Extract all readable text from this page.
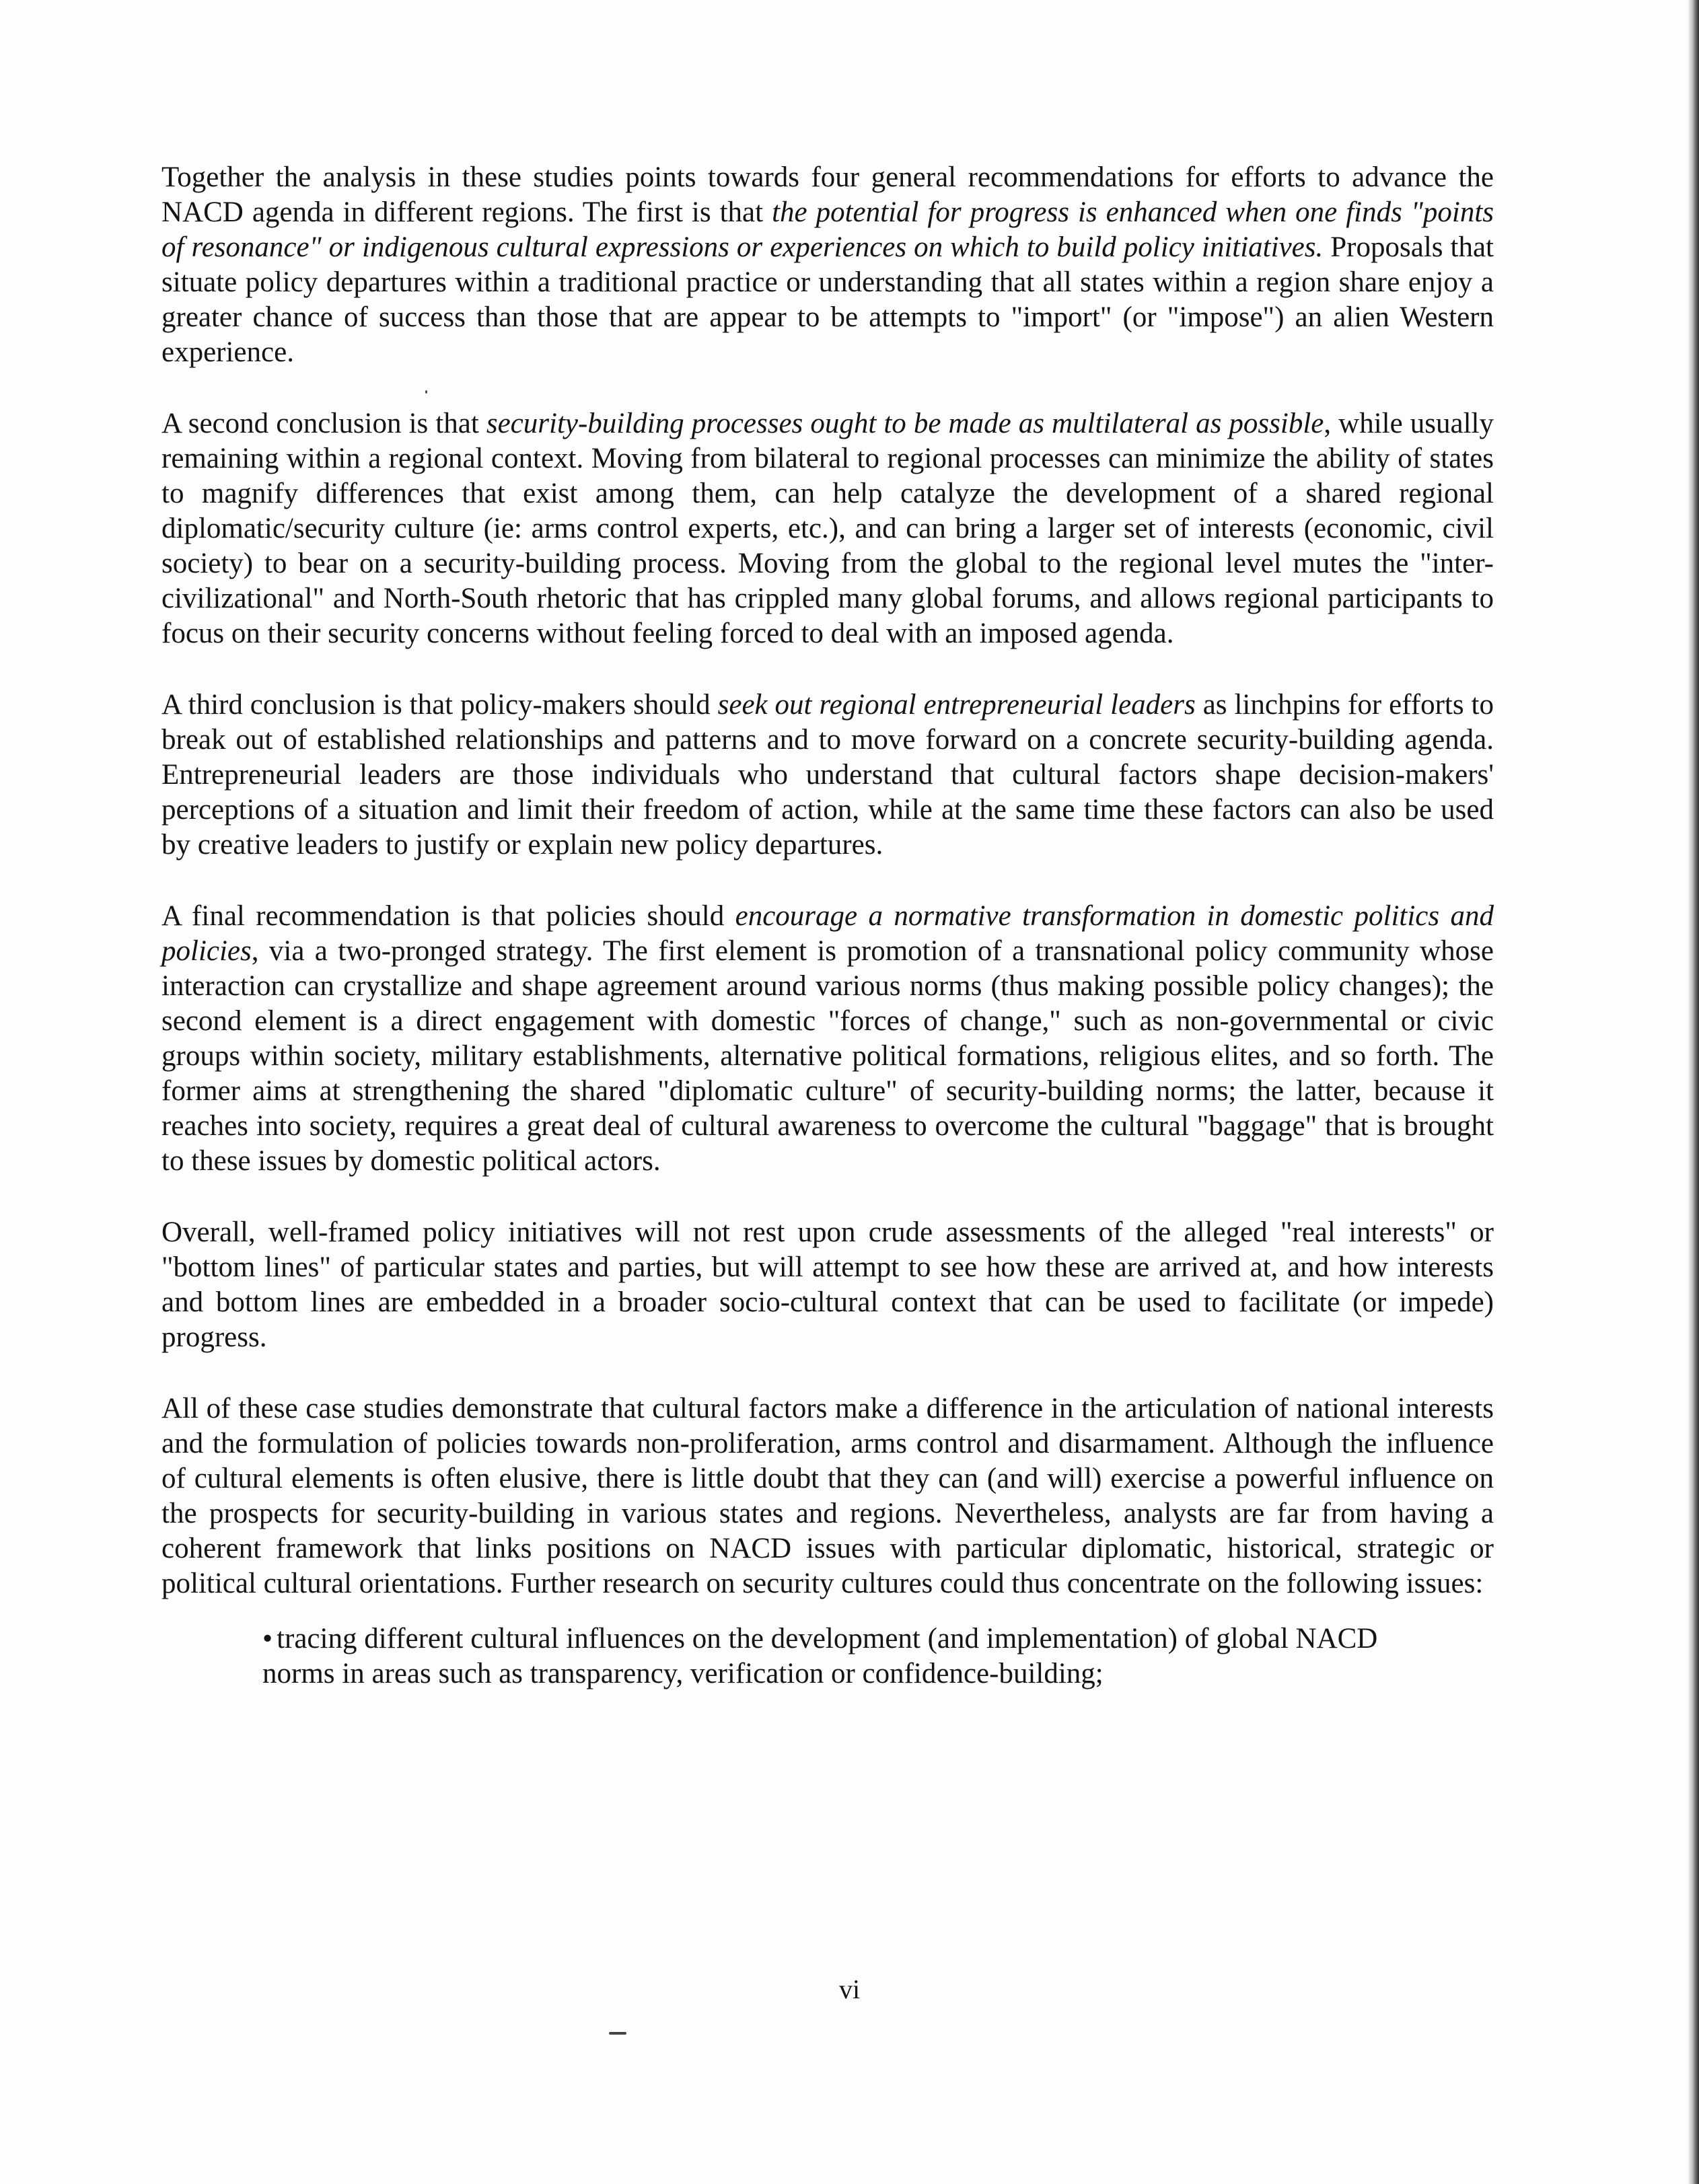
Together the analysis in these studies points towards four general recommendations for efforts to advance the NACD agenda in different regions. The first is that the potential for progress is enhanced when one finds "points of resonance" or indigenous cultural expressions or experiences on which to build policy initiatives. Proposals that situate policy departures within a traditional practice or understanding that all states within a region share enjoy a greater chance of success than those that are appear to be attempts to "import" (or "impose") an alien Western experience.

A second conclusion is that security-building processes ought to be made as multilateral as possible, while usually remaining within a regional context. Moving from bilateral to regional processes can minimize the ability of states to magnify differences that exist among them, can help catalyze the development of a shared regional diplomatic/security culture (ie: arms control experts, etc.), and can bring a larger set of interests (economic, civil society) to bear on a security-building process. Moving from the global to the regional level mutes the "inter-civilizational" and North-South rhetoric that has crippled many global forums, and allows regional participants to focus on their security concerns without feeling forced to deal with an imposed agenda.

A third conclusion is that policy-makers should seek out regional entrepreneurial leaders as linchpins for efforts to break out of established relationships and patterns and to move forward on a concrete security-building agenda. Entrepreneurial leaders are those individuals who understand that cultural factors shape decision-makers' perceptions of a situation and limit their freedom of action, while at the same time these factors can also be used by creative leaders to justify or explain new policy departures.

A final recommendation is that policies should encourage a normative transformation in domestic politics and policies, via a two-pronged strategy. The first element is promotion of a transnational policy community whose interaction can crystallize and shape agreement around various norms (thus making possible policy changes); the second element is a direct engagement with domestic "forces of change," such as non-governmental or civic groups within society, military establishments, alternative political formations, religious elites, and so forth. The former aims at strengthening the shared "diplomatic culture" of security-building norms; the latter, because it reaches into society, requires a great deal of cultural awareness to overcome the cultural "baggage" that is brought to these issues by domestic political actors.

Overall, well-framed policy initiatives will not rest upon crude assessments of the alleged "real interests" or "bottom lines" of particular states and parties, but will attempt to see how these are arrived at, and how interests and bottom lines are embedded in a broader socio-cultural context that can be used to facilitate (or impede) progress.

All of these case studies demonstrate that cultural factors make a difference in the articulation of national interests and the formulation of policies towards non-proliferation, arms control and disarmament. Although the influence of cultural elements is often elusive, there is little doubt that they can (and will) exercise a powerful influence on the prospects for security-building in various states and regions. Nevertheless, analysts are far from having a coherent framework that links positions on NACD issues with particular diplomatic, historical, strategic or political cultural orientations. Further research on security cultures could thus concentrate on the following issues:

• tracing different cultural influences on the development (and implementation) of global NACD norms in areas such as transparency, verification or confidence-building;
vi
